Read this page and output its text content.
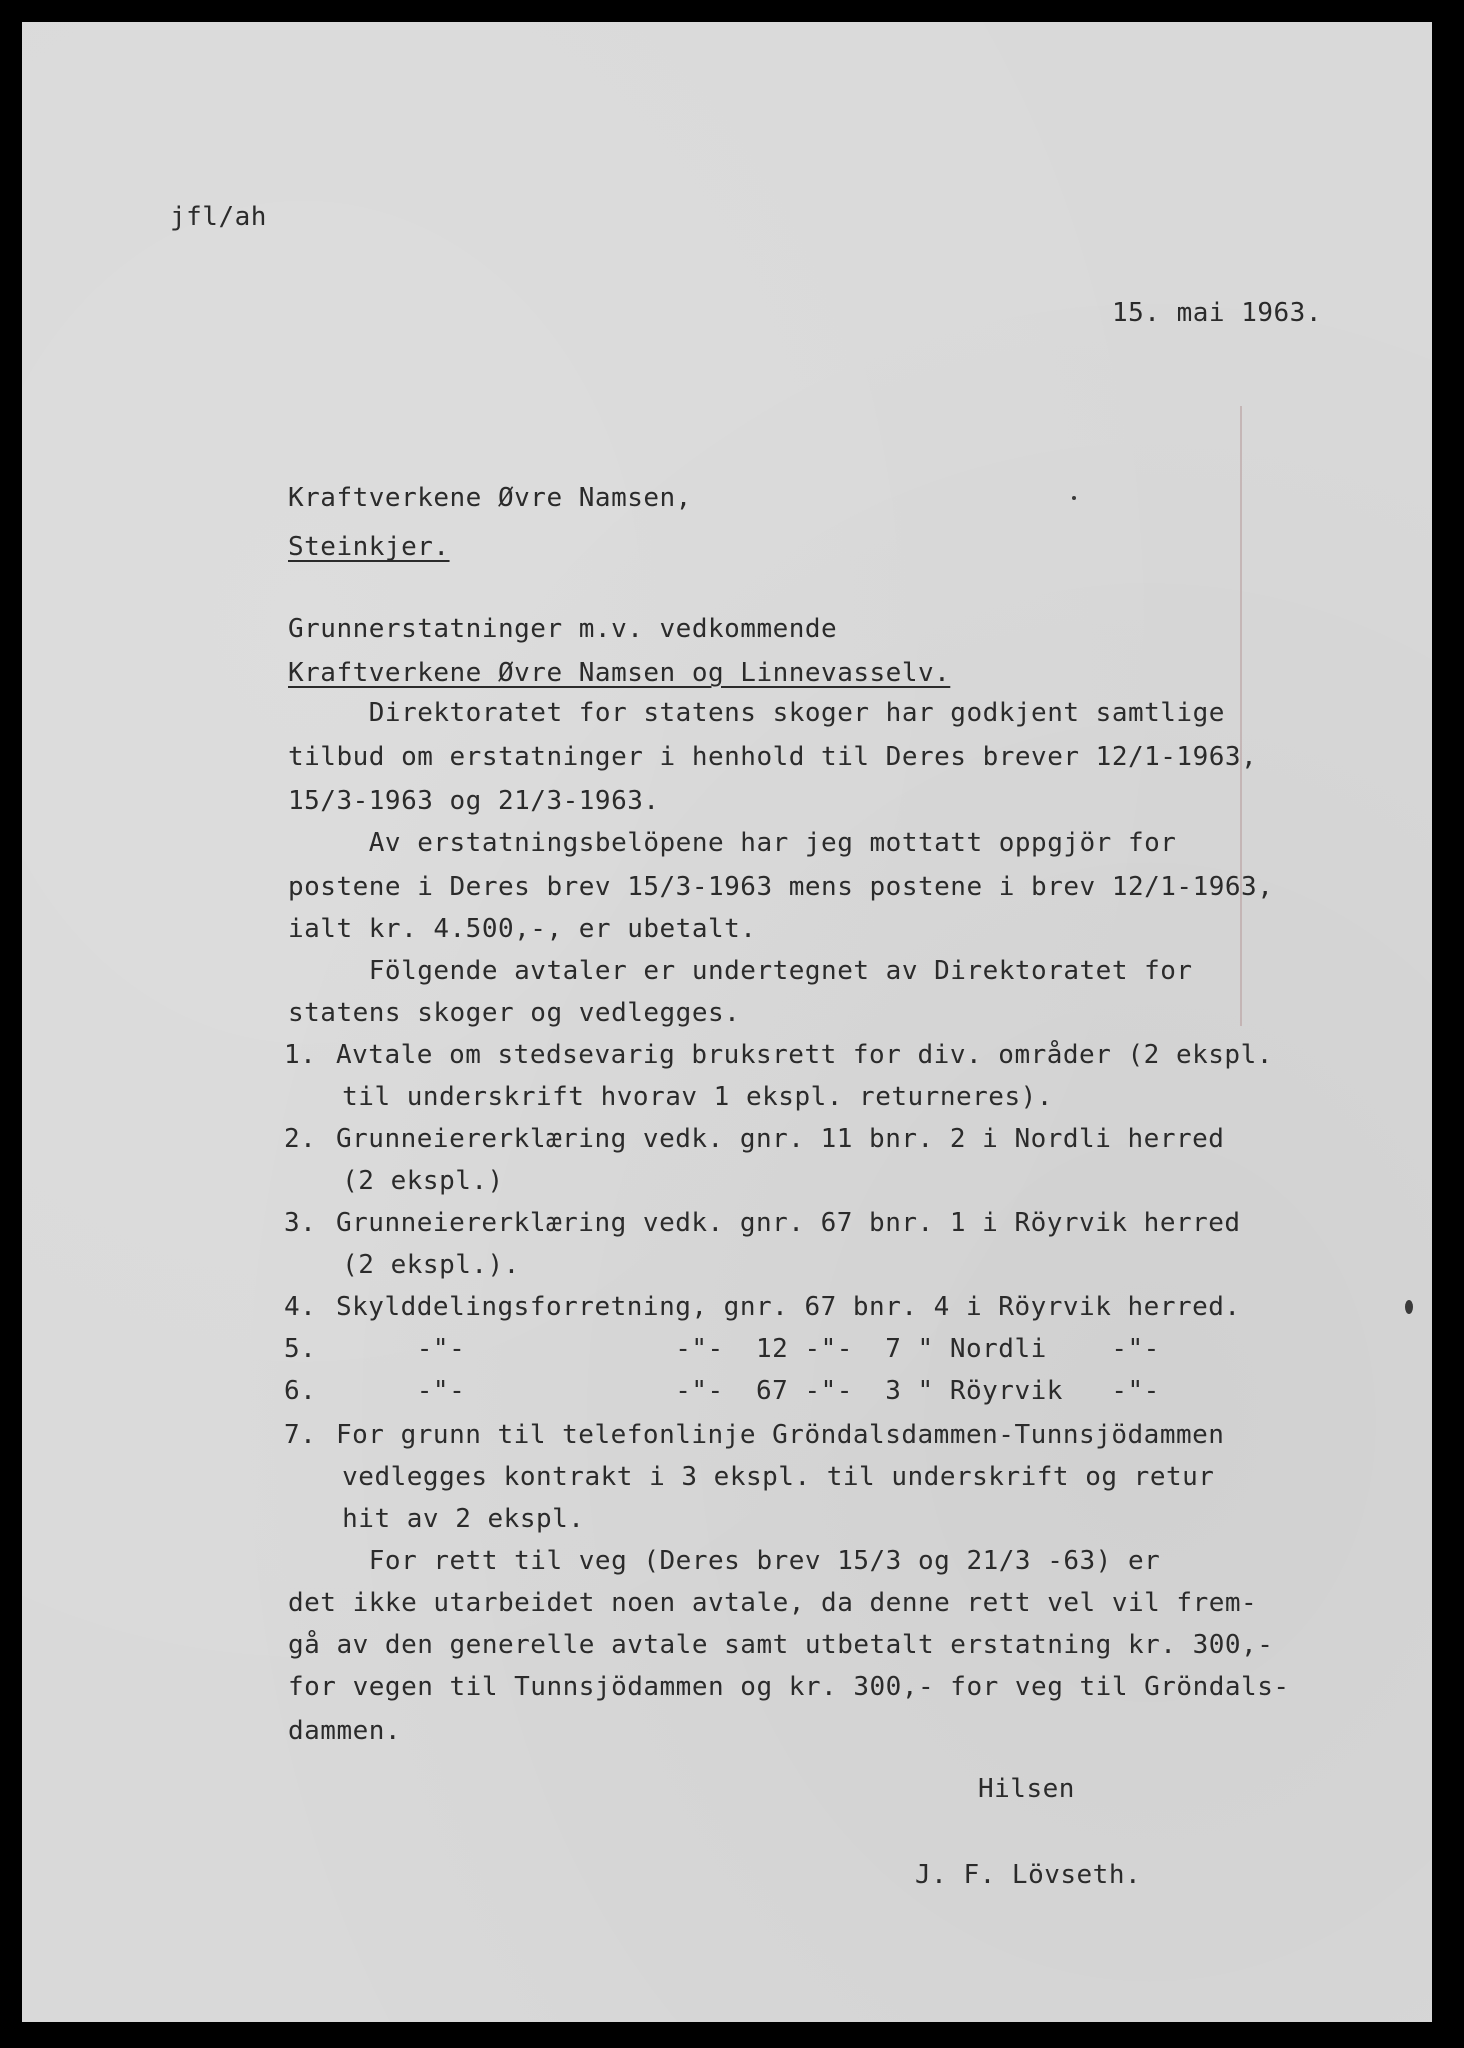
jfl/ah
15. mai 1963.
Kraftverkene Øvre Namsen,
Steinkjer.
Grunnerstatninger m.v. vedkommende
Kraftverkene Øvre Namsen og Linnevasselv.
Direktoratet for statens skoger har godkjent samtlige
tilbud om erstatninger i henhold til Deres brever 12/1-1963,
15/3-1963 og 21/3-1963.
Av erstatningsbelöpene har jeg mottatt oppgjör for
postene i Deres brev 15/3-1963 mens postene i brev 12/1-1963,
ialt kr. 4.500,-, er ubetalt.
Fölgende avtaler er undertegnet av Direktoratet for
statens skoger og vedlegges.
1. Avtale om stedsevarig bruksrett for div. områder (2 ekspl.
til underskrift hvorav 1 ekspl. returneres).
2. Grunneiererklæring vedk. gnr. 11 bnr. 2 i Nordli herred
(2 ekspl.)
3. Grunneiererklæring vedk. gnr. 67 bnr. 1 i Röyrvik herred
(2 ekspl.).
4. Skylddelingsforretning, gnr. 67 bnr. 4 i Röyrvik herred.
5. -"-             -"-  12 -"-  7 " Nordli    -"-
6. -"-             -"-  67 -"-  3 " Röyrvik   -"-
7. For grunn til telefonlinje Gröndalsdammen-Tunnsjödammen
vedlegges kontrakt i 3 ekspl. til underskrift og retur
hit av 2 ekspl.
For rett til veg (Deres brev 15/3 og 21/3 -63) er
det ikke utarbeidet noen avtale, da denne rett vel vil frem-
gå av den generelle avtale samt utbetalt erstatning kr. 300,-
for vegen til Tunnsjödammen og kr. 300,- for veg til Gröndals-
dammen.
Hilsen
J. F. Lövseth.
